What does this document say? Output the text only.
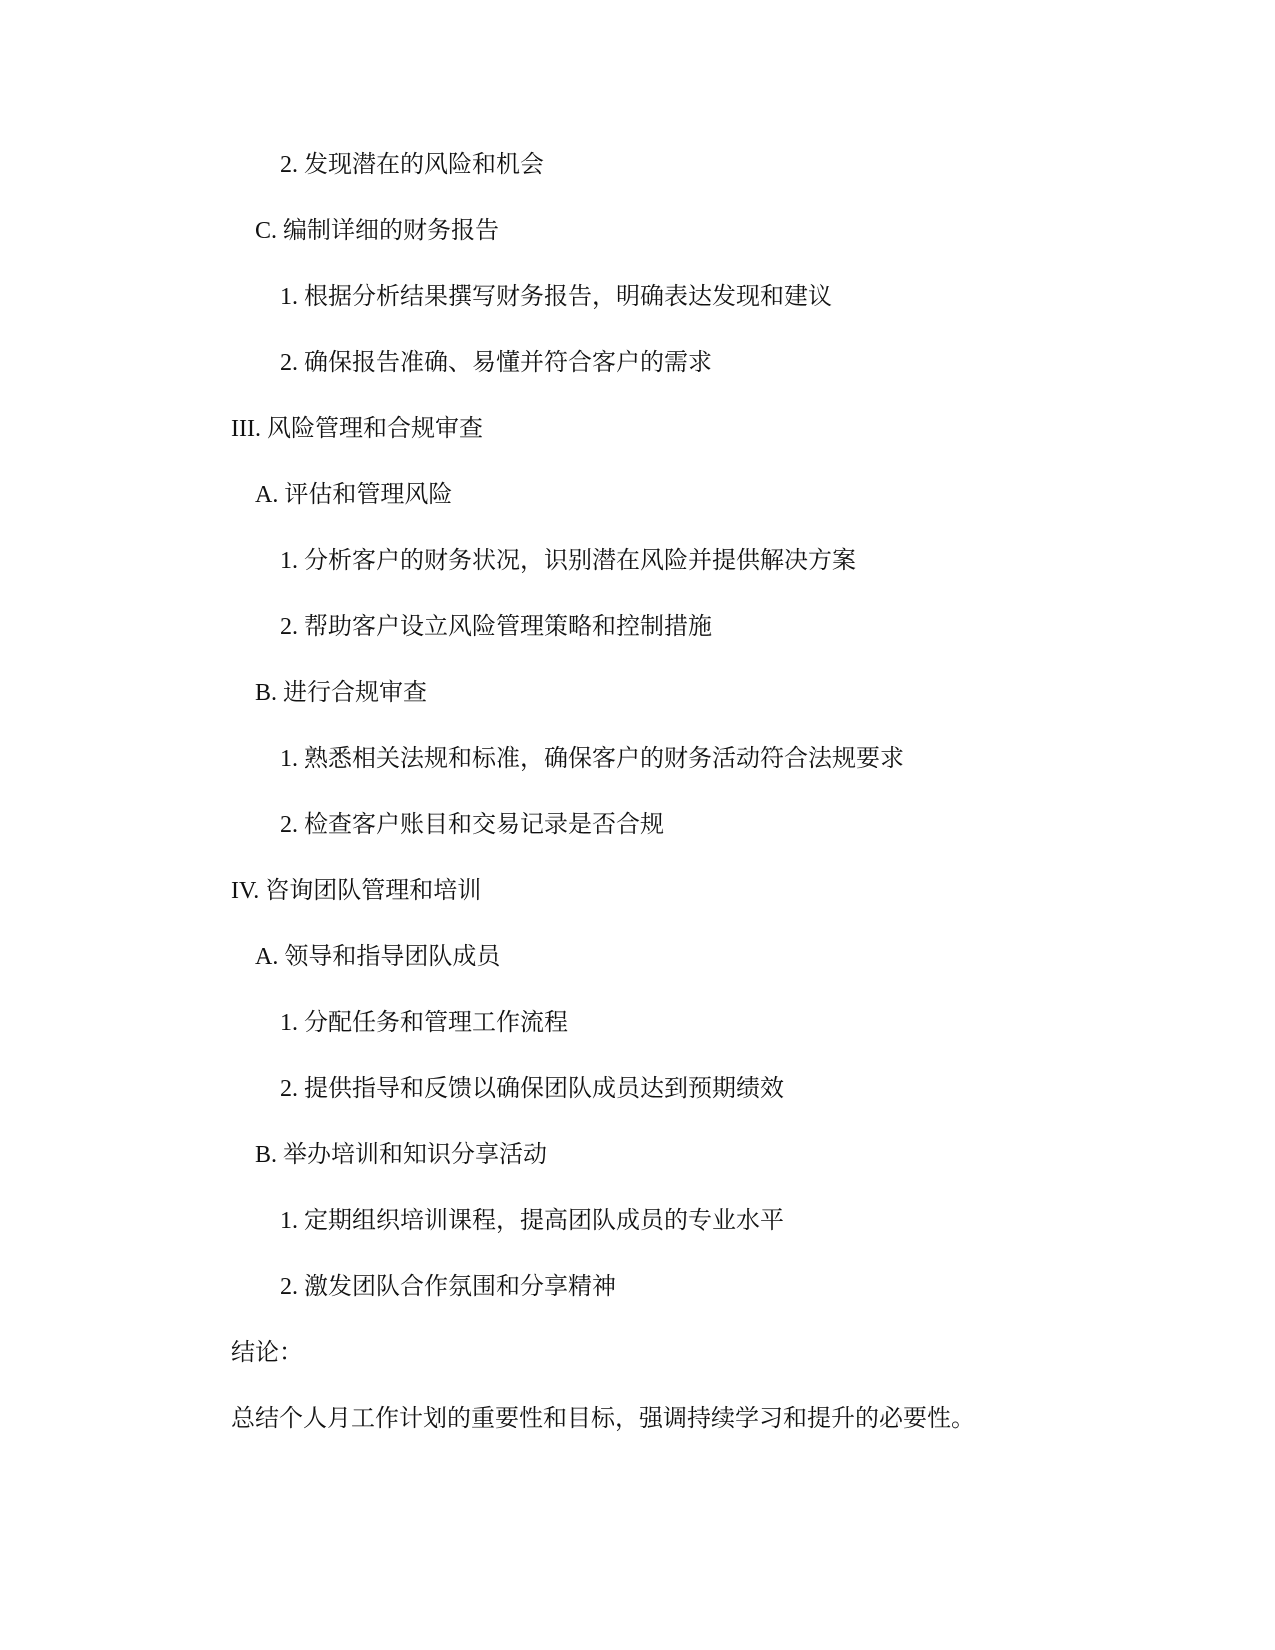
2. 发现潜在的风险和机会
C. 编制详细的财务报告
1. 根据分析结果撰写财务报告，明确表达发现和建议
2. 确保报告准确、易懂并符合客户的需求
III. 风险管理和合规审查
A. 评估和管理风险
1. 分析客户的财务状况，识别潜在风险并提供解决方案
2. 帮助客户设立风险管理策略和控制措施
B. 进行合规审查
1. 熟悉相关法规和标准，确保客户的财务活动符合法规要求
2. 检查客户账目和交易记录是否合规
IV. 咨询团队管理和培训
A. 领导和指导团队成员
1. 分配任务和管理工作流程
2. 提供指导和反馈以确保团队成员达到预期绩效
B. 举办培训和知识分享活动
1. 定期组织培训课程，提高团队成员的专业水平
2. 激发团队合作氛围和分享精神
结论：
总结个人月工作计划的重要性和目标，强调持续学习和提升的必要性。
